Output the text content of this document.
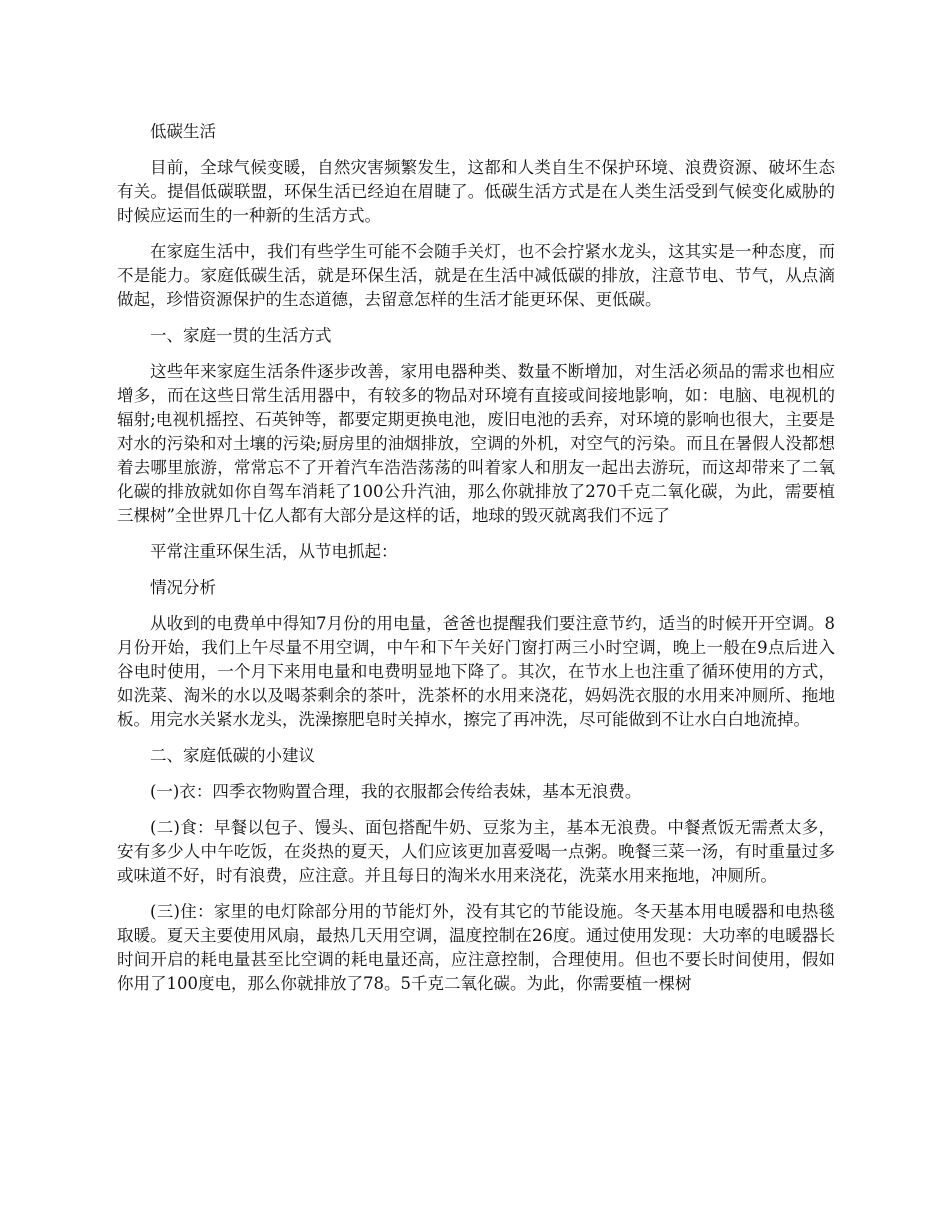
低碳生活

目前，全球气候变暖，自然灾害频繁发生，这都和人类自生不保护环境、浪费资源、破坏生态有关。提倡低碳联盟，环保生活已经迫在眉睫了。低碳生活方式是在人类生活受到气候变化威胁的时候应运而生的一种新的生活方式。

在家庭生活中，我们有些学生可能不会随手关灯，也不会拧紧水龙头，这其实是一种态度，而不是能力。家庭低碳生活，就是环保生活，就是在生活中减低碳的排放，注意节电、节气，从点滴做起，珍惜资源保护的生态道德，去留意怎样的生活才能更环保、更低碳。

一、家庭一贯的生活方式

这些年来家庭生活条件逐步改善，家用电器种类、数量不断增加，对生活必须品的需求也相应增多，而在这些日常生活用器中，有较多的物品对环境有直接或间接地影响，如：电脑、电视机的辐射;电视机摇控、石英钟等，都要定期更换电池，废旧电池的丢弃，对环境的影响也很大，主要是对水的污染和对土壤的污染;厨房里的油烟排放，空调的外机，对空气的污染。而且在暑假人没都想着去哪里旅游，常常忘不了开着汽车浩浩荡荡的叫着家人和朋友一起出去游玩，而这却带来了二氧化碳的排放就如你自驾车消耗了100公升汽油，那么你就排放了270千克二氧化碳，为此，需要植三棵树”全世界几十亿人都有大部分是这样的话，地球的毁灭就离我们不远了

平常注重环保生活，从节电抓起：

情况分析

从收到的电费单中得知7月份的用电量，爸爸也提醒我们要注意节约，适当的时候开开空调。8月份开始，我们上午尽量不用空调，中午和下午关好门窗打两三小时空调，晚上一般在9点后进入谷电时使用，一个月下来用电量和电费明显地下降了。其次，在节水上也注重了循环使用的方式，如洗菜、淘米的水以及喝茶剩余的茶叶，洗茶杯的水用来浇花，妈妈洗衣服的水用来冲厕所、拖地板。用完水关紧水龙头，洗澡擦肥皂时关掉水，擦完了再冲洗，尽可能做到不让水白白地流掉。

二、家庭低碳的小建议

(一)衣：四季衣物购置合理，我的衣服都会传给表妹，基本无浪费。

(二)食：早餐以包子、馒头、面包搭配牛奶、豆浆为主，基本无浪费。中餐煮饭无需煮太多，安有多少人中午吃饭，在炎热的夏天，人们应该更加喜爱喝一点粥。晚餐三菜一汤，有时重量过多或味道不好，时有浪费，应注意。并且每日的淘米水用来浇花，洗菜水用来拖地，冲厕所。

(三)住：家里的电灯除部分用的节能灯外，没有其它的节能设施。冬天基本用电暖器和电热毯取暖。夏天主要使用风扇，最热几天用空调，温度控制在26度。通过使用发现：大功率的电暖器长时间开启的耗电量甚至比空调的耗电量还高，应注意控制，合理使用。但也不要长时间使用，假如你用了100度电，那么你就排放了78。5千克二氧化碳。为此，你需要植一棵树
